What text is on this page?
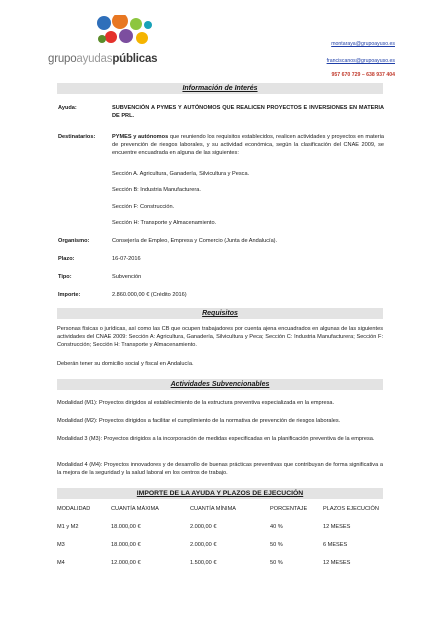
grupoayudaspúblicas
montaraya@grupoayuso.es
franciscanos@grupoayuso.es
957 670 729 – 638 937 404
Información de Interés
Ayuda:	SUBVENCIÓN A PYMES Y AUTÓNOMOS QUE REALICEN PROYECTOS E INVERSIONES EN MATERIA DE PRL.
Destinatarios:	PYMES y autónomos que reuniendo los requisitos establecidos, realicen actividades y proyectos en materia de prevención de riesgos laborales, y su actividad económica, según la clasificación del CNAE 2009, se encuentre encuadrada en alguna de las siguientes:
Sección A. Agricultura, Ganadería, Silvicultura y Pesca.
Sección B: Industria Manufacturera.
Sección F: Construcción.
Sección H: Transporte y Almacenamiento.
Organismo:	Consejería de Empleo, Empresa y Comercio (Junta de Andalucía).
Plazo:	16-07-2016
Tipo:	Subvención
Importe:	2.860.000,00 € (Crédito 2016)
Requisitos
Personas físicas o jurídicas, así como las CB que ocupen trabajadores por cuenta ajena encuadrados en algunas de las siguientes actividades del CNAE 2009: Sección A: Agricultura, Ganadería, Silvicultura y Peca; Sección C: Industria Manufacturera; Sección F: Construcción; Sección H: Transporte y Almacenamiento.
Deberán tener su domicilio social y fiscal en Andalucía.
Actividades Subvencionables
Modalidad (M1): Proyectos dirigidos al establecimiento de la estructura preventiva especializada en la empresa.
Modalidad (M2): Proyectos dirigidos a facilitar el cumplimiento de la normativa de prevención de riesgos laborales.
Modalidad 3 (M3): Proyectos dirigidos a la incorporación de medidas especificadas en la planificación preventiva de la empresa.
Modalidad 4 (M4): Proyectos innovadores y de desarrollo de buenas prácticas preventivas que contribuyan de forma significativa a la mejora de la seguridad y la salud laboral en los centros de trabajo.
IMPORTE DE LA AYUDA Y PLAZOS DE EJECUCIÓN
MODALIDAD	CUANTÍA MÁXIMA	CUANTÍA MÍNIMA	PORCENTAJE	PLAZOS EJECUCIÓN
M1 y M2	18.000,00 €	2.000,00 €	40 %	12 MESES
M3	18.000,00 €	2.000,00 €	50 %	6 MESES
M4	12.000,00 €	1.500,00 €	50 %	12 MESES
